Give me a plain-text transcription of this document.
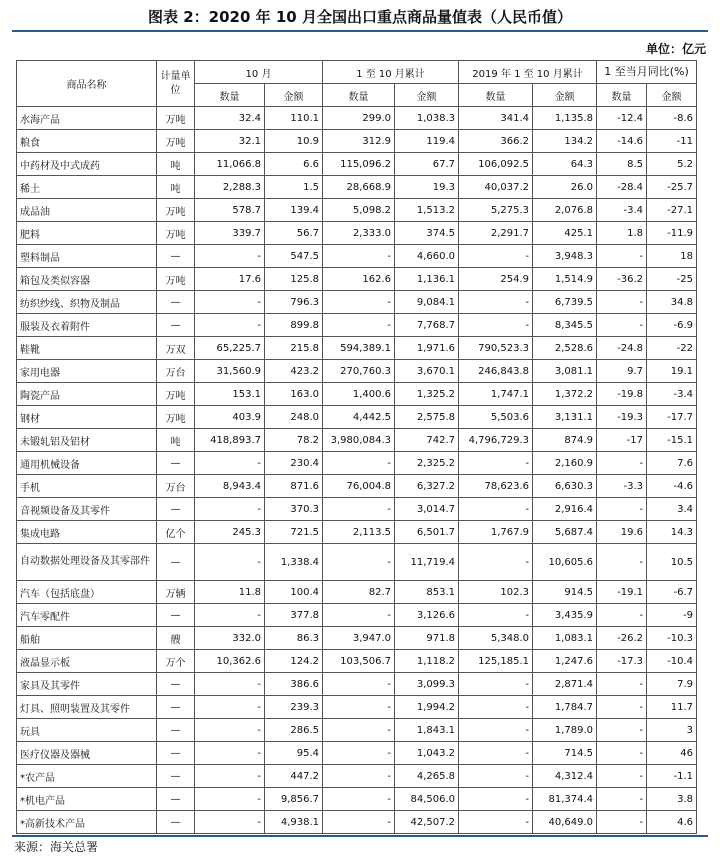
图表 2：2020 年 10 月全国出口重点商品量值表（人民币值）
单位：亿元
商品名称	计量单位	10 月		1 至 10 月累计		2019 年 1 至 10 月累计		1 至当月同比(%)	
		数量	金额	数量	金额	数量	金额	数量	金额
水海产品	万吨	32.4	110.1	299.0	1,038.3	341.4	1,135.8	-12.4	-8.6
粮食	万吨	32.1	10.9	312.9	119.4	366.2	134.2	-14.6	-11
中药材及中式成药	吨	11,066.8	6.6	115,096.2	67.7	106,092.5	64.3	8.5	5.2
稀土	吨	2,288.3	1.5	28,668.9	19.3	40,037.2	26.0	-28.4	-25.7
成品油	万吨	578.7	139.4	5,098.2	1,513.2	5,275.3	2,076.8	-3.4	-27.1
肥料	万吨	339.7	56.7	2,333.0	374.5	2,291.7	425.1	1.8	-11.9
塑料制品	—	-	547.5	-	4,660.0	-	3,948.3	-	18
箱包及类似容器	万吨	17.6	125.8	162.6	1,136.1	254.9	1,514.9	-36.2	-25
纺织纱线、织物及制品	—	-	796.3	-	9,084.1	-	6,739.5	-	34.8
服装及衣着附件	—	-	899.8	-	7,768.7	-	8,345.5	-	-6.9
鞋靴	万双	65,225.7	215.8	594,389.1	1,971.6	790,523.3	2,528.6	-24.8	-22
家用电器	万台	31,560.9	423.2	270,760.3	3,670.1	246,843.8	3,081.1	9.7	19.1
陶瓷产品	万吨	153.1	163.0	1,400.6	1,325.2	1,747.1	1,372.2	-19.8	-3.4
钢材	万吨	403.9	248.0	4,442.5	2,575.8	5,503.6	3,131.1	-19.3	-17.7
未锻轧铝及铝材	吨	418,893.7	78.2	3,980,084.3	742.7	4,796,729.3	874.9	-17	-15.1
通用机械设备	—	-	230.4	-	2,325.2	-	2,160.9	-	7.6
手机	万台	8,943.4	871.6	76,004.8	6,327.2	78,623.6	6,630.3	-3.3	-4.6
音视频设备及其零件	—	-	370.3	-	3,014.7	-	2,916.4	-	3.4
集成电路	亿个	245.3	721.5	2,113.5	6,501.7	1,767.9	5,687.4	19.6	14.3
自动数据处理设备及其零部件	—	-	1,338.4	-	11,719.4	-	10,605.6	-	10.5
汽车（包括底盘）	万辆	11.8	100.4	82.7	853.1	102.3	914.5	-19.1	-6.7
汽车零配件	—	-	377.8	-	3,126.6	-	3,435.9	-	-9
船舶	艘	332.0	86.3	3,947.0	971.8	5,348.0	1,083.1	-26.2	-10.3
液晶显示板	万个	10,362.6	124.2	103,506.7	1,118.2	125,185.1	1,247.6	-17.3	-10.4
家具及其零件	—	-	386.6	-	3,099.3	-	2,871.4	-	7.9
灯具、照明装置及其零件	—	-	239.3	-	1,994.2	-	1,784.7	-	11.7
玩具	—	-	286.5	-	1,843.1	-	1,789.0	-	3
医疗仪器及器械	—	-	95.4	-	1,043.2	-	714.5	-	46
*农产品	—	-	447.2	-	4,265.8	-	4,312.4	-	-1.1
*机电产品	—	-	9,856.7	-	84,506.0	-	81,374.4	-	3.8
*高新技术产品	—	-	4,938.1	-	42,507.2	-	40,649.0	-	4.6
来源：海关总署
